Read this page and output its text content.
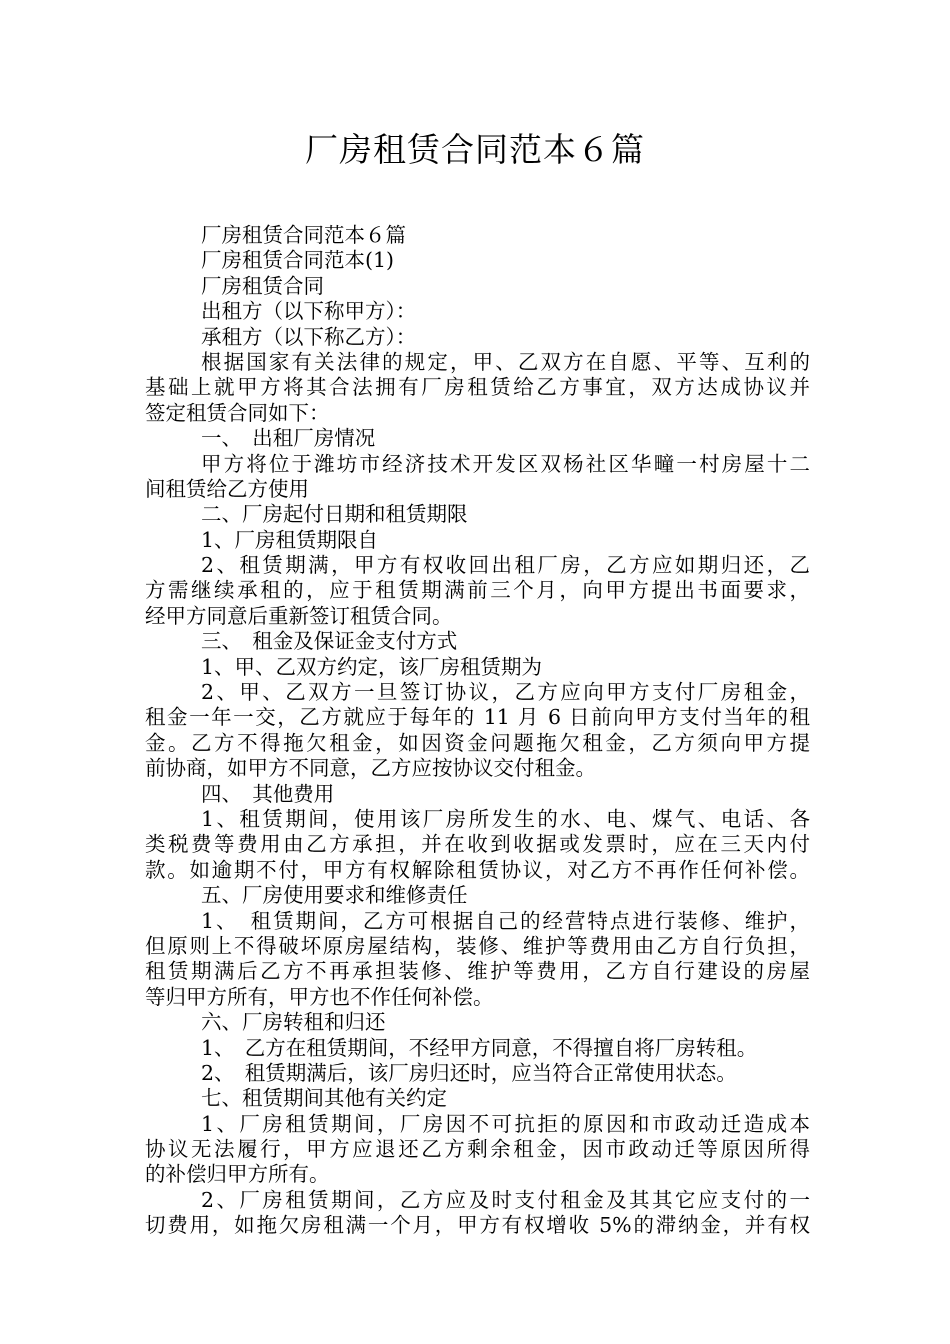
厂房租赁合同范本６篇
厂房租赁合同范本６篇
厂房租赁合同范本(1)
厂房租赁合同
出租方（以下称甲方）：
承租方（以下称乙方）：
根据国家有关法律的规定，甲、乙双方在自愿、平等、互利的
基础上就甲方将其合法拥有厂房租赁给乙方事宜，双方达成协议并
签定租赁合同如下：
一、　出租厂房情况
甲方将位于潍坊市经济技术开发区双杨社区华疃一村房屋十二
间租赁给乙方使用
二、厂房起付日期和租赁期限
1、厂房租赁期限自
2、租赁期满，甲方有权收回出租厂房，乙方应如期归还，乙
方需继续承租的，应于租赁期满前三个月，向甲方提出书面要求，
经甲方同意后重新签订租赁合同。
三、　租金及保证金支付方式
1、甲、乙双方约定，该厂房租赁期为
2、甲、乙双方一旦签订协议，乙方应向甲方支付厂房租金，
租金一年一交，乙方就应于每年的 11 月 6 日前向甲方支付当年的租
金。乙方不得拖欠租金，如因资金问题拖欠租金，乙方须向甲方提
前协商，如甲方不同意，乙方应按协议交付租金。
四、　其他费用
1、租赁期间，使用该厂房所发生的水、电、煤气、电话、各
类税费等费用由乙方承担，并在收到收据或发票时，应在三天内付
款。如逾期不付，甲方有权解除租赁协议，对乙方不再作任何补偿。
五、厂房使用要求和维修责任
1、　租赁期间，乙方可根据自己的经营特点进行装修、维护，
但原则上不得破坏原房屋结构，装修、维护等费用由乙方自行负担，
租赁期满后乙方不再承担装修、维护等费用，乙方自行建设的房屋
等归甲方所有，甲方也不作任何补偿。
六、厂房转租和归还
1、　乙方在租赁期间，不经甲方同意，不得擅自将厂房转租。
2、　租赁期满后，该厂房归还时，应当符合正常使用状态。
七、租赁期间其他有关约定
1、厂房租赁期间，厂房因不可抗拒的原因和市政动迁造成本
协议无法履行，甲方应退还乙方剩余租金，因市政动迁等原因所得
的补偿归甲方所有。
2、厂房租赁期间，乙方应及时支付租金及其其它应支付的一
切费用，如拖欠房租满一个月，甲方有权增收 5%的滞纳金，并有权
